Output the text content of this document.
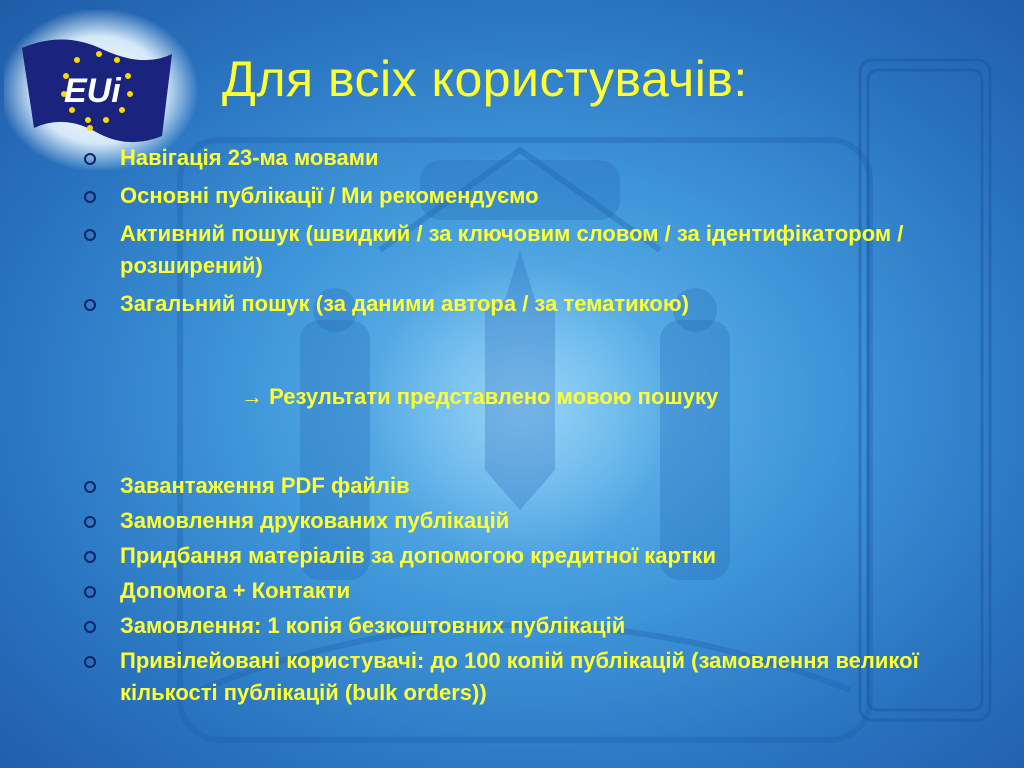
EUi Для всіх користувачів:
Навігація 23-ма мовами
Основні публікації / Ми рекомендуємо
Активний пошук (швидкий / за ключовим словом / за ідентифікатором / розширений)
Загальний пошук (за даними автора / за тематикою)
→ Результати представлено мовою пошуку
Завантаження PDF файлів
Замовлення друкованих публікацій
Придбання матеріалів за допомогою кредитної картки
Допомога + Контакти
Замовлення: 1 копія безкоштовних публікацій
Привілейовані користувачі: до 100 копій публікацій (замовлення великої кількості публікацій (bulk orders))
